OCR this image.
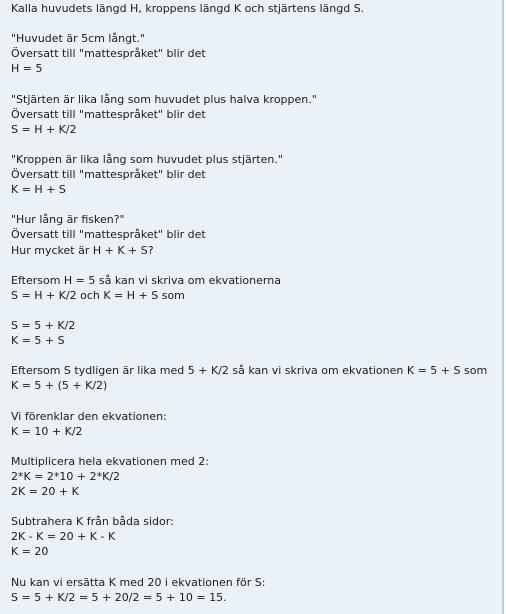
Kalla huvudets längd H, kroppens längd K och stjärtens längd S.
"Huvudet är 5cm långt."
Översatt till "mattespråket" blir det
H = 5
"Stjärten är lika lång som huvudet plus halva kroppen."
Översatt till "mattespråket" blir det
S = H + K/2
"Kroppen är lika lång som huvudet plus stjärten."
Översatt till "mattespråket" blir det
K = H + S
"Hur lång är fisken?"
Översatt till "mattespråket" blir det
Hur mycket är H + K + S?
Eftersom H = 5 så kan vi skriva om ekvationerna
S = H + K/2 och K = H + S som
S = 5 + K/2
K = 5 + S
Eftersom S tydligen är lika med 5 + K/2 så kan vi skriva om ekvationen K = 5 + S som
K = 5 + (5 + K/2)
Vi förenklar den ekvationen:
K = 10 + K/2
Multiplicera hela ekvationen med 2:
2*K = 2*10 + 2*K/2
2K = 20 + K
Subtrahera K från båda sidor:
2K - K = 20 + K - K
K = 20
Nu kan vi ersätta K med 20 i ekvationen för S:
S = 5 + K/2 = 5 + 20/2 = 5 + 10 = 15.
